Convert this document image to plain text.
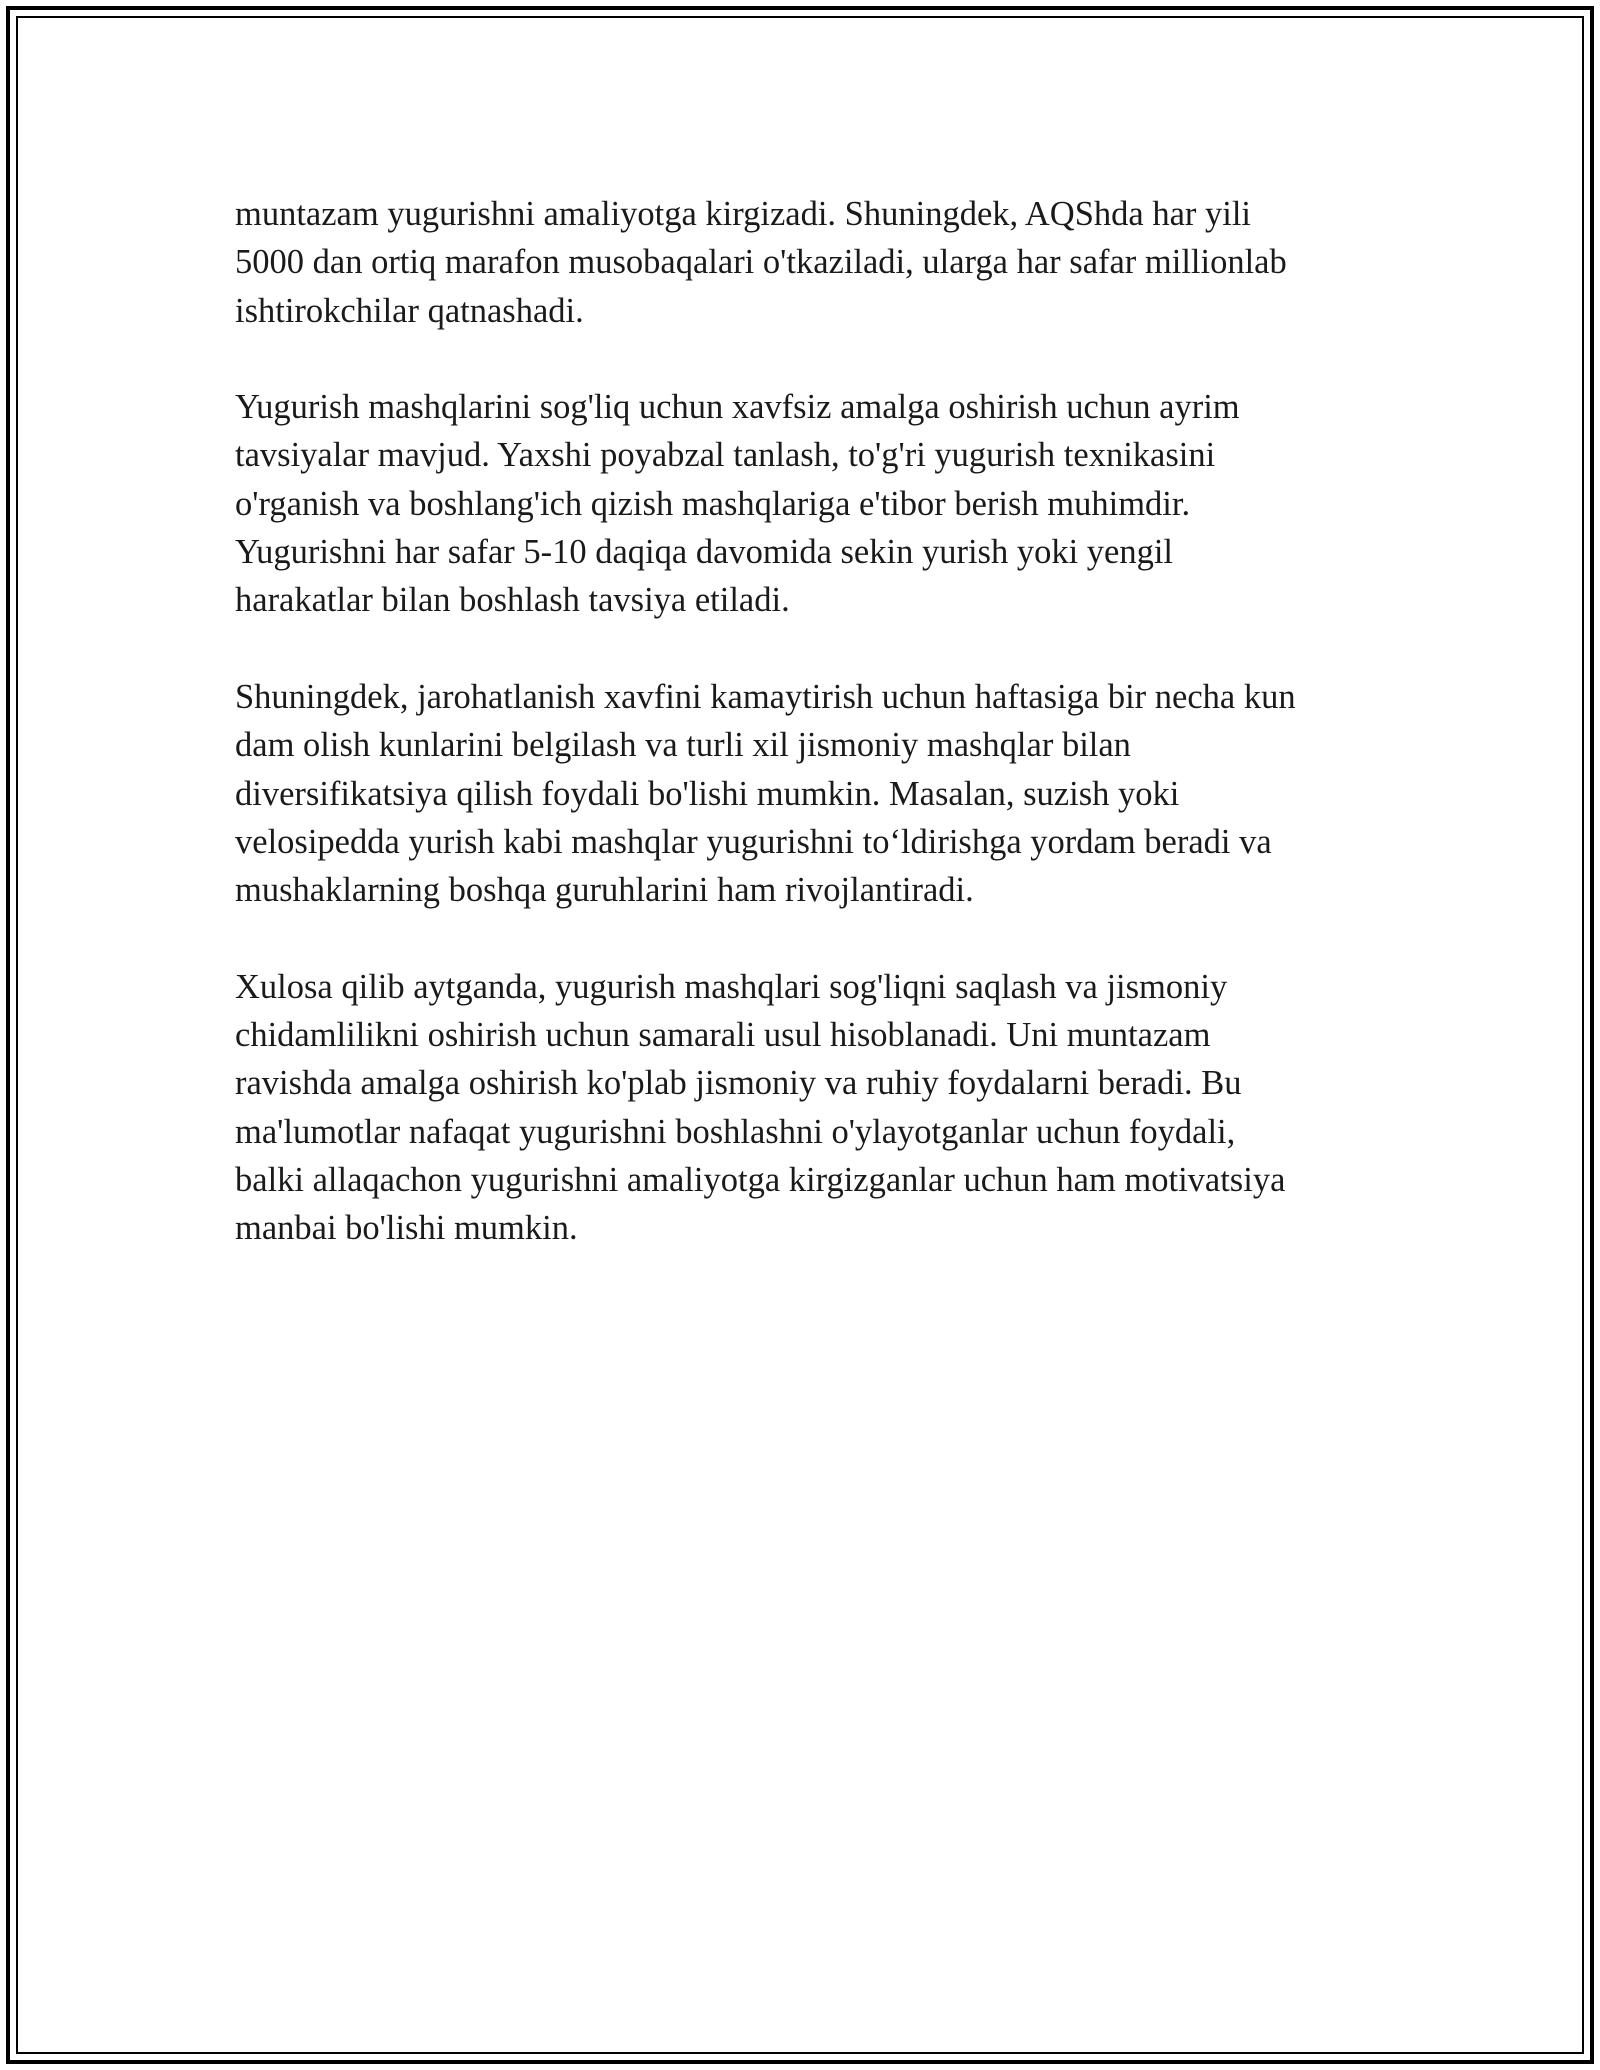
muntazam yugurishni amaliyotga kirgizadi. Shuningdek, AQShda har yili
5000 dan ortiq marafon musobaqalari o'tkaziladi, ularga har safar millionlab
ishtirokchilar qatnashadi.

Yugurish mashqlarini sog'liq uchun xavfsiz amalga oshirish uchun ayrim
tavsiyalar mavjud. Yaxshi poyabzal tanlash, to'g'ri yugurish texnikasini
o'rganish va boshlang'ich qizish mashqlariga e'tibor berish muhimdir.
Yugurishni har safar 5-10 daqiqa davomida sekin yurish yoki yengil
harakatlar bilan boshlash tavsiya etiladi.

Shuningdek, jarohatlanish xavfini kamaytirish uchun haftasiga bir necha kun
dam olish kunlarini belgilash va turli xil jismoniy mashqlar bilan
diversifikatsiya qilish foydali bo'lishi mumkin. Masalan, suzish yoki
velosipedda yurish kabi mashqlar yugurishni to‘ldirishga yordam beradi va
mushaklarning boshqa guruhlarini ham rivojlantiradi.

Xulosa qilib aytganda, yugurish mashqlari sog'liqni saqlash va jismoniy
chidamlilikni oshirish uchun samarali usul hisoblanadi. Uni muntazam
ravishda amalga oshirish ko'plab jismoniy va ruhiy foydalarni beradi. Bu
ma'lumotlar nafaqat yugurishni boshlashni o'ylayotganlar uchun foydali,
balki allaqachon yugurishni amaliyotga kirgizganlar uchun ham motivatsiya
manbai bo'lishi mumkin.
